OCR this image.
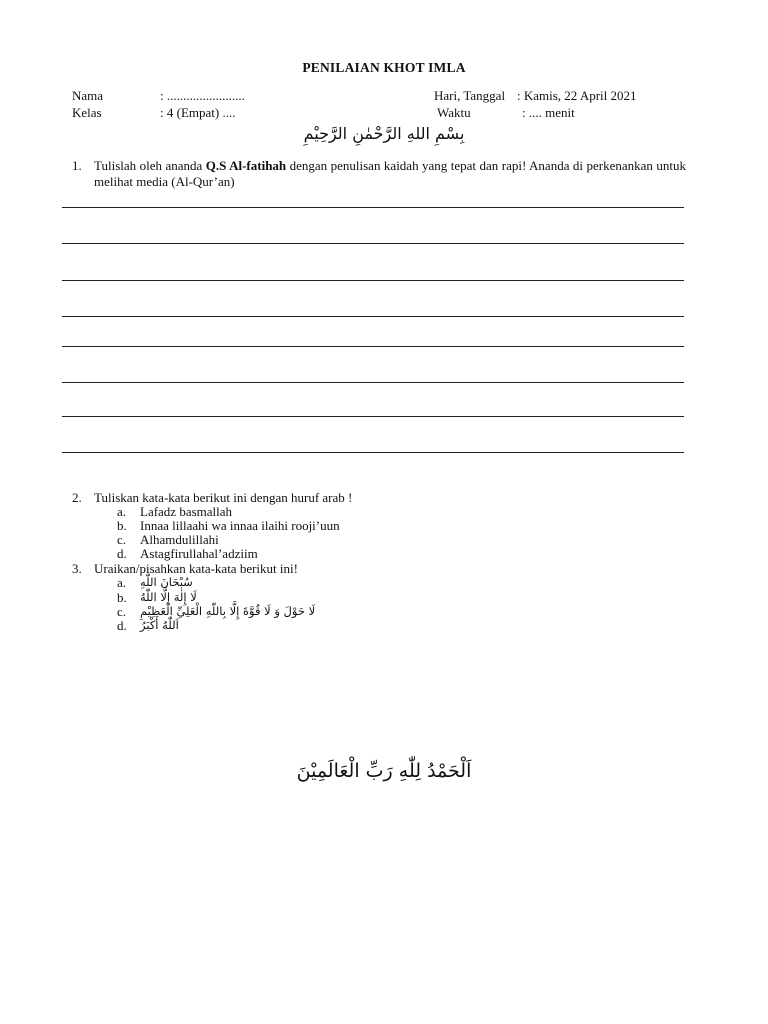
PENILAIAN KHOT IMLA
Nama	: ........................
Kelas	: 4 (Empat) ....
Hari, Tanggal : Kamis, 22 April 2021
Waktu	: .... menit
بِسْمِ اللهِ الرَّحْمٰنِ الرَّحِيْمِ
1. Tulislah oleh ananda Q.S Al-fatihah dengan penulisan kaidah yang tepat dan rapi! Ananda di perkenankan untuk melihat media (Al-Qur’an)
2. Tuliskan kata-kata berikut ini dengan huruf arab !
a. Lafadz basmallah
b. Innaa lillaahi wa innaa ilaihi rooji’uun
c. Alhamdulillahi
d. Astagfirullahal’adziim
3. Uraikan/pisahkan kata-kata berikut ini!
a. سُبْحَانَ اللّٰهِ
b. لَا إِلٰهَ إِلَّا اللّٰهُ
c. لَا حَوْلَ وَ لَا قُوَّةَ إِلَّا بِاللّٰهِ الْعَلِيِّ الْعَظِيْمِ
d. اَللّٰهُ أَكْبَرُ
اَلْحَمْدُ لِلّٰهِ رَبِّ الْعَالَمِيْنَ
